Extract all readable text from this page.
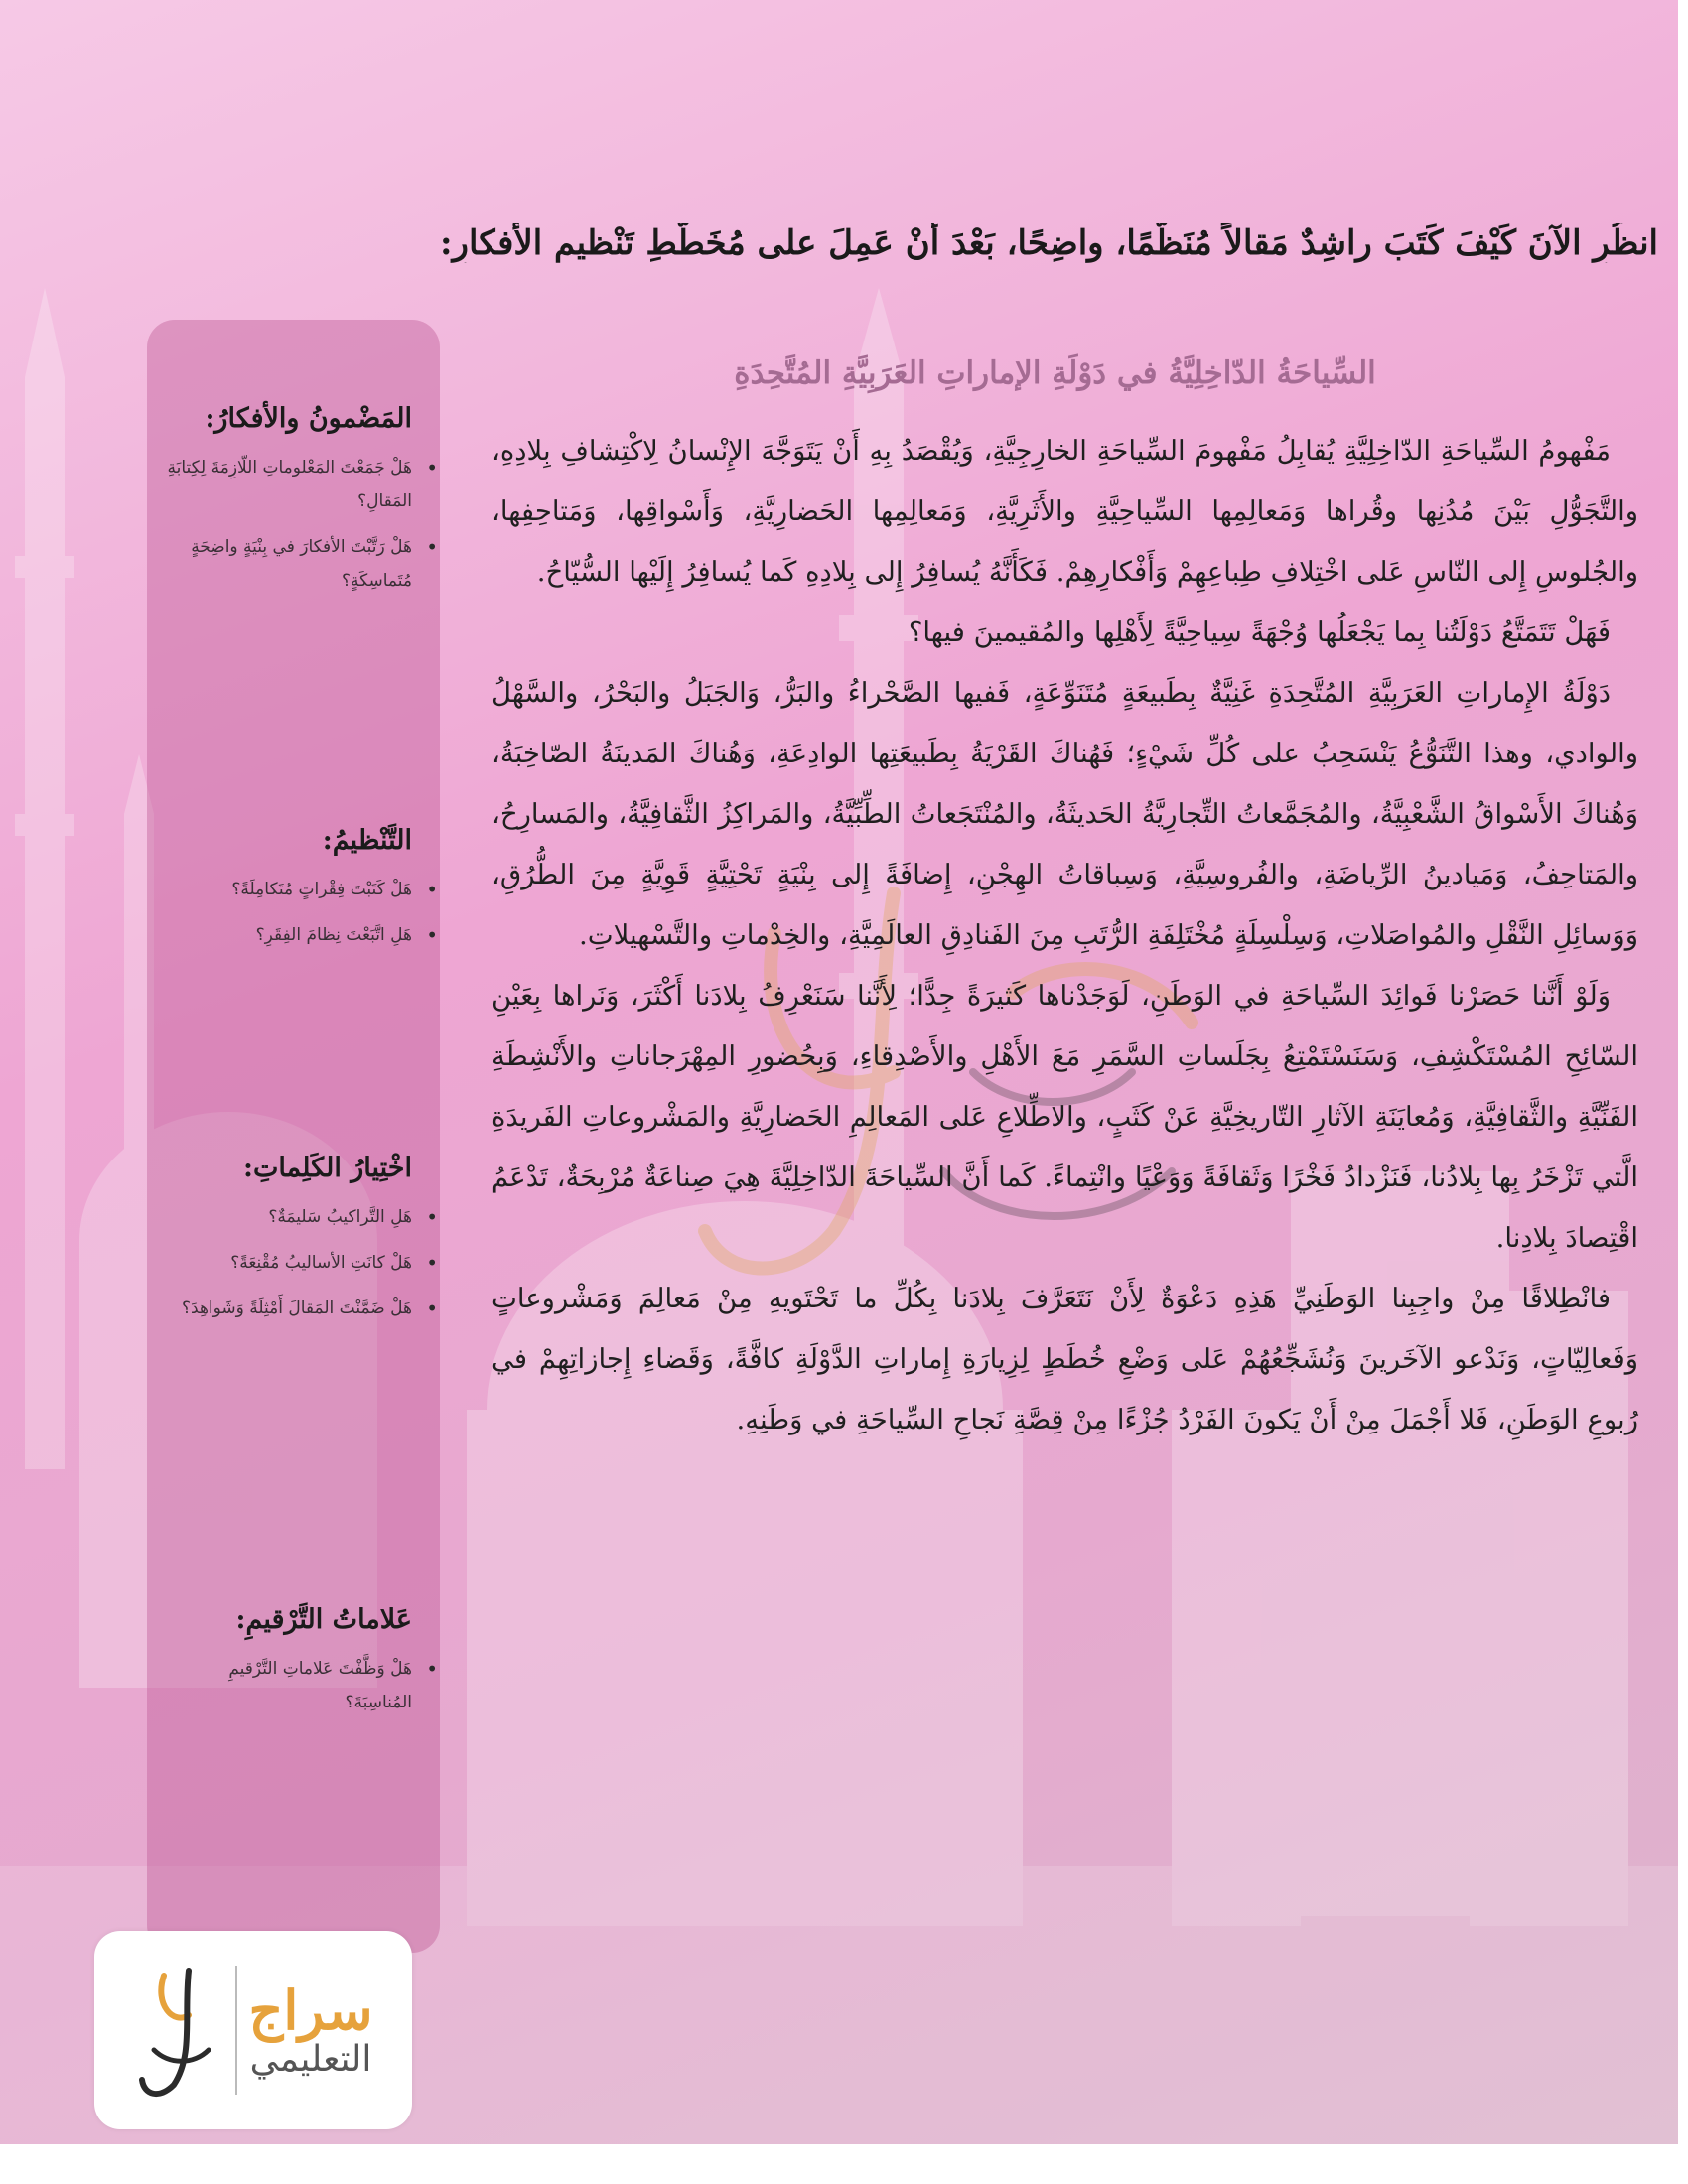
انظُرِ الآنَ كَيْفَ كَتَبَ راشِدٌ مَقالاً مُنَظَّمًا، واضِحًا، بَعْدَ أنْ عَمِلَ على مُخَطَّطِ تَنْظيمِ الأفكارِ:
المَضْمونُ والأفكارُ:
•
هَلْ جَمَعْتَ المَعْلوماتِ اللّازِمَةَ لِكِتابَةِ المَقالِ؟
•
هَلْ رَتَّبْتَ الأفكارَ في بِنْيَةٍ واضِحَةٍ مُتَماسِكَةٍ؟
التَّنْظيمُ:
•
هَلْ كَتَبْتَ فِقْراتٍ مُتَكامِلَةً؟
•
هَلِ اتَّبَعْتَ نِظامَ الفِقَرِ؟
اخْتِيارُ الكَلِماتِ:
•
هَلِ التَّراكيبُ سَليمَةٌ؟
•
هَلْ كانَتِ الأساليبُ مُقْنِعَةً؟
•
هَلْ ضَمَّنْتَ المَقالَ أَمْثِلَةً وَشَواهِدَ؟
عَلاماتُ التَّرْقيمِ:
•
هَلْ وَظَّفْتَ عَلاماتِ التَّرْقيمِ المُناسِبَةَ؟
السِّياحَةُ الدّاخِلِيَّةُ في دَوْلَةِ الإماراتِ العَرَبِيَّةِ المُتَّحِدَةِ

مَفْهومُ السِّياحَةِ الدّاخِلِيَّةِ يُقابِلُ مَفْهومَ السِّياحَةِ الخارِجِيَّةِ، وَيُقْصَدُ بِهِ أَنْ يَتَوَجَّهَ الإِنْسانُ لِاكْتِشافِ بِلادِهِ، والتَّجَوُّلِ بَيْنَ مُدُنِها وقُراها وَمَعالِمِها السِّياحِيَّةِ والأَثَرِيَّةِ، وَمَعالِمِها الحَضارِيَّةِ، وَأَسْواقِها، وَمَتاحِفِها، والجُلوسِ إِلى النّاسِ عَلى اخْتِلافِ طِباعِهِمْ وَأَفْكارِهِمْ. فَكَأَنَّهُ يُسافِرُ إِلى بِلادِهِ كَما يُسافِرُ إِلَيْها السُّيّاحُ.

فَهَلْ تَتَمَتَّعُ دَوْلَتُنا بِما يَجْعَلُها وُجْهَةً سِياحِيَّةً لِأَهْلِها والمُقيمينَ فيها؟

دَوْلَةُ الإِماراتِ العَرَبِيَّةِ المُتَّحِدَةِ غَنِيَّةٌ بِطَبيعَةٍ مُتَنَوِّعَةٍ، فَفيها الصَّحْراءُ والبَرُّ، وَالجَبَلُ والبَحْرُ، والسَّهْلُ والوادي، وهذا التَّنَوُّعُ يَنْسَحِبُ على كُلِّ شَيْءٍ؛ فَهُناكَ القَرْيَةُ بِطَبيعَتِها الوادِعَةِ، وَهُناكَ المَدينَةُ الصّاخِبَةُ، وَهُناكَ الأَسْواقُ الشَّعْبِيَّةُ، والمُجَمَّعاتُ التِّجارِيَّةُ الحَديثَةُ، والمُنْتَجَعاتُ الطِّبِّيَّةُ، والمَراكِزُ الثَّقافِيَّةُ، والمَسارِحُ، والمَتاحِفُ، وَمَيادينُ الرِّياضَةِ، والفُروسِيَّةِ، وَسِباقاتُ الهِجْنِ، إِضافَةً إِلى بِنْيَةٍ تَحْتِيَّةٍ قَوِيَّةٍ مِنَ الطُّرُقِ، وَوَسائِلِ النَّقْلِ والمُواصَلاتِ، وَسِلْسِلَةٍ مُخْتَلِفَةِ الرُّتَبِ مِنَ الفَنادِقِ العالَمِيَّةِ، والخِدْماتِ والتَّسْهيلاتِ.

وَلَوْ أَنَّنا حَصَرْنا فَوائِدَ السِّياحَةِ في الوَطَنِ، لَوَجَدْناها كَثيرَةً جِدًّا؛ لِأَنَّنا سَنَعْرِفُ بِلادَنا أَكْثَرَ، وَنَراها بِعَيْنِ السّائِحِ المُسْتَكْشِفِ، وَسَنَسْتَمْتِعُ بِجَلَساتِ السَّمَرِ مَعَ الأَهْلِ والأَصْدِقاءِ، وَبِحُضورِ المِهْرَجاناتِ والأَنْشِطَةِ الفَنِّيَّةِ والثَّقافِيَّةِ، وَمُعايَنَةِ الآثارِ التّاريخِيَّةِ عَنْ كَثَبٍ، والاطِّلاعِ عَلى المَعالِمِ الحَضارِيَّةِ والمَشْروعاتِ الفَريدَةِ الَّتي تَزْخَرُ بِها بِلادُنا، فَنَزْدادُ فَخْرًا وَثَقافَةً وَوَعْيًا وانْتِماءً. كَما أَنَّ السِّياحَةَ الدّاخِلِيَّةَ هِيَ صِناعَةٌ مُرْبِحَةٌ، تَدْعَمُ اقْتِصادَ بِلادِنا.

فانْطِلاقًا مِنْ واجِبِنا الوَطَنِيِّ هَذِهِ دَعْوَةٌ لِأَنْ نَتَعَرَّفَ بِلادَنا بِكُلِّ ما تَحْتَويهِ مِنْ مَعالِمَ وَمَشْروعاتٍ وَفَعالِيّاتٍ، وَنَدْعو الآخَرينَ وَنُشَجِّعُهُمْ عَلى وَضْعِ خُطَطٍ لِزِيارَةِ إِماراتِ الدَّوْلَةِ كافَّةً، وَقَضاءِ إِجازاتِهِمْ في رُبوعِ الوَطَنِ، فَلا أَجْمَلَ مِنْ أَنْ يَكونَ الفَرْدُ جُزْءًا مِنْ قِصَّةِ نَجاحِ السِّياحَةِ في وَطَنِهِ.

سراج
التعليمي
